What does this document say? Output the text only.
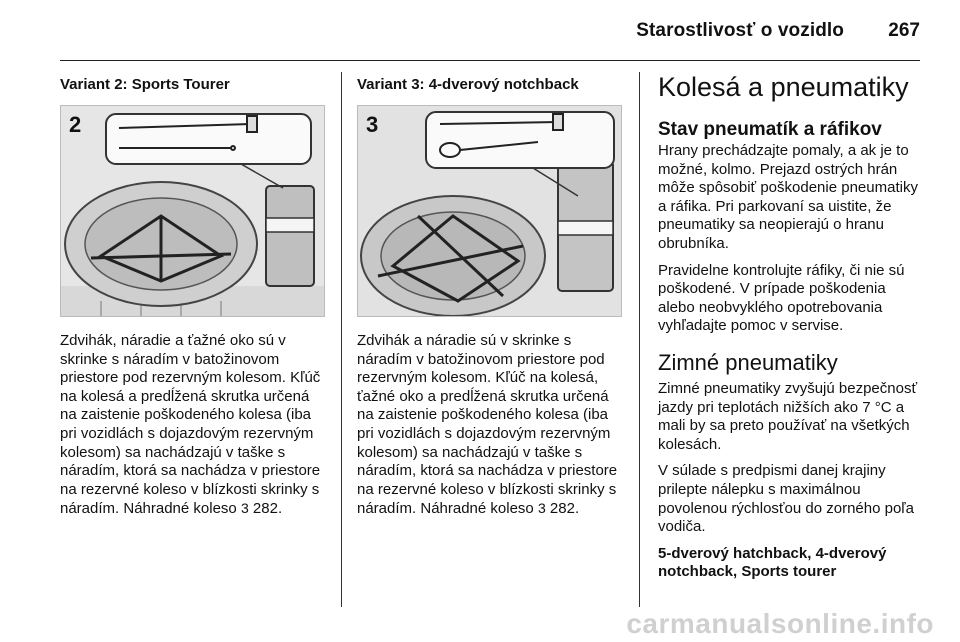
Starostlivosť o vozidlo 267
Variant 2: Sports Tourer
2

Zdvihák, náradie a ťažné oko sú v skrinke s náradím v batožinovom priestore pod rezervným kolesom. Kľúč na kolesá a predĺžená skrutka určená na zaistenie poškodeného kolesa (iba pri vozidlách s dojazdovým rezervným kolesom) sa nachádzajú v taške s náradím, ktorá sa nachádza v priestore na rezervné koleso v blízkosti skrinky s náradím. Náhradné koleso 3 282.

Variant 3: 4-dverový notchback
3

Zdvihák a náradie sú v skrinke s náradím v batožinovom priestore pod rezervným kolesom. Kľúč na kolesá, ťažné oko a predĺžená skrutka určená na zaistenie poškodeného kolesa (iba pri vozidlách s dojazdovým rezervným kolesom) sa nachádzajú v taške s náradím, ktorá sa nachádza v priestore na rezervné koleso v blízkosti skrinky s náradím. Náhradné koleso 3 282.

Kolesá a pneumatiky
Stav pneumatík a ráfikov

Hrany prechádzajte pomaly, a ak je to možné, kolmo. Prejazd ostrých hrán môže spôsobiť poškodenie pneumatiky a ráfika. Pri parkovaní sa uistite, že pneumatiky sa neopierajú o hranu obrubníka.

Pravidelne kontrolujte ráfiky, či nie sú poškodené. V prípade poškodenia alebo neobvyklého opotrebovania vyhľadajte pomoc v servise.

Zimné pneumatiky

Zimné pneumatiky zvyšujú bezpečnosť jazdy pri teplotách nižších ako 7 °C a mali by sa preto používať na všetkých kolesách.

V súlade s predpismi danej krajiny prilepte nálepku s maximálnou povolenou rýchlosťou do zorného poľa vodiča.

5-dverový hatchback, 4-dverový notchback, Sports tourer

carmanualsonline.info
